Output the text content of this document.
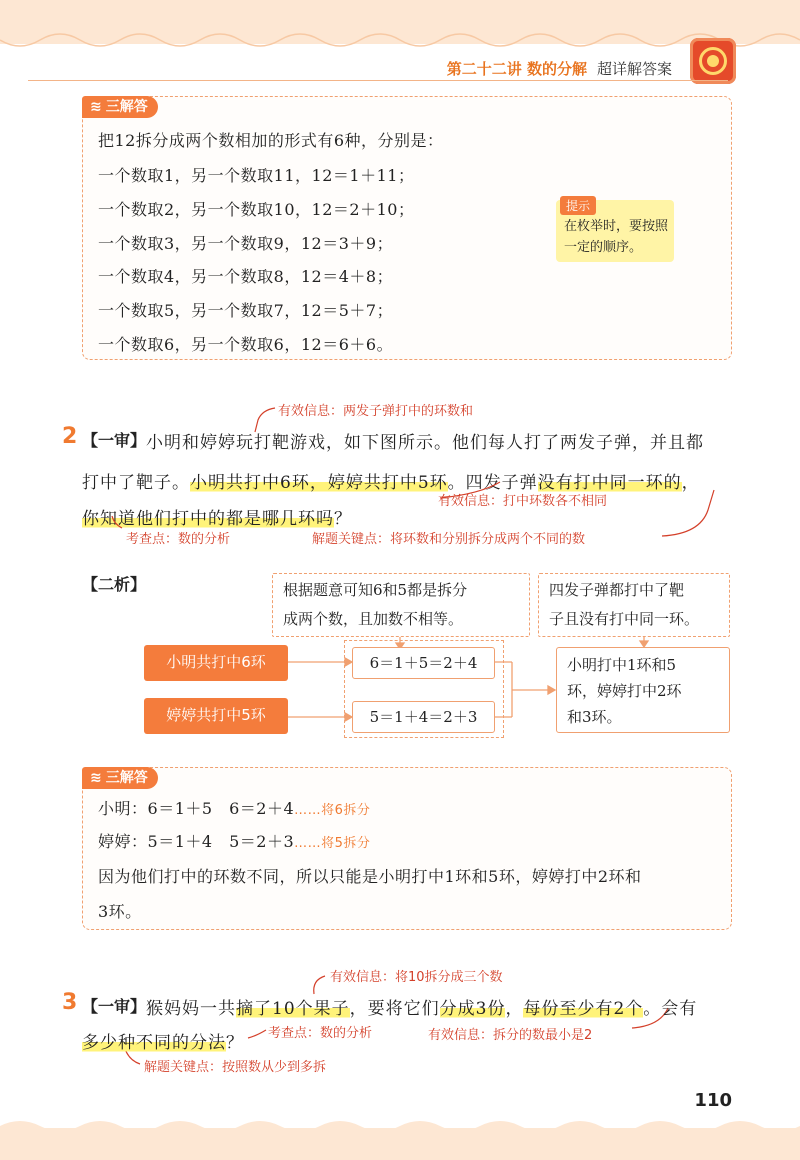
第二十二讲 数的分解 超详解答案
≋ 三解答
把12拆分成两个数相加的形式有6种，分别是：
一个数取1，另一个数取11，12＝1＋11；
一个数取2，另一个数取10，12＝2＋10；
一个数取3，另一个数取9，12＝3＋9；
一个数取4，另一个数取8，12＝4＋8；
一个数取5，另一个数取7，12＝5＋7；
一个数取6，另一个数取6，12＝6＋6。
提示
在枚举时，要按照一定的顺序。
有效信息：两发子弹打中的环数和
2 【一审】 小明和婷婷玩打靶游戏，如下图所示。他们每人打了两发子弹，并且都
打中了靶子。小明共打中6环，婷婷共打中5环。四发子弹没有打中同一环的，
有效信息：打中环数各不相同
你知道他们打中的都是哪几环吗？
考查点：数的分析	解题关键点：将环数和分别拆分成两个不同的数
【二析】	根据题意可知6和5都是拆分
成两个数，且加数不相等。
四发子弹都打中了靶
子且没有打中同一环。
小明共打中6环
婷婷共打中5环
6＝1＋5＝2＋4
5＝1＋4＝2＋3
小明打中1环和5
环，婷婷打中2环
和3环。
≋ 三解答
小明：6＝1＋5　 6＝2＋4……将6拆分
婷婷：5＝1＋4　 5＝2＋3……将5拆分
因为他们打中的环数不同，所以只能是小明打中1环和5环，婷婷打中2环和
3环。
有效信息：将10拆分成三个数
3 【一审】 猴妈妈一共摘了10个果子，要将它们分成3份，每份至少有2个。会有
多少种不同的分法？ 考查点：数的分析	有效信息：拆分的数最小是2
解题关键点：按照数从少到多拆
110
